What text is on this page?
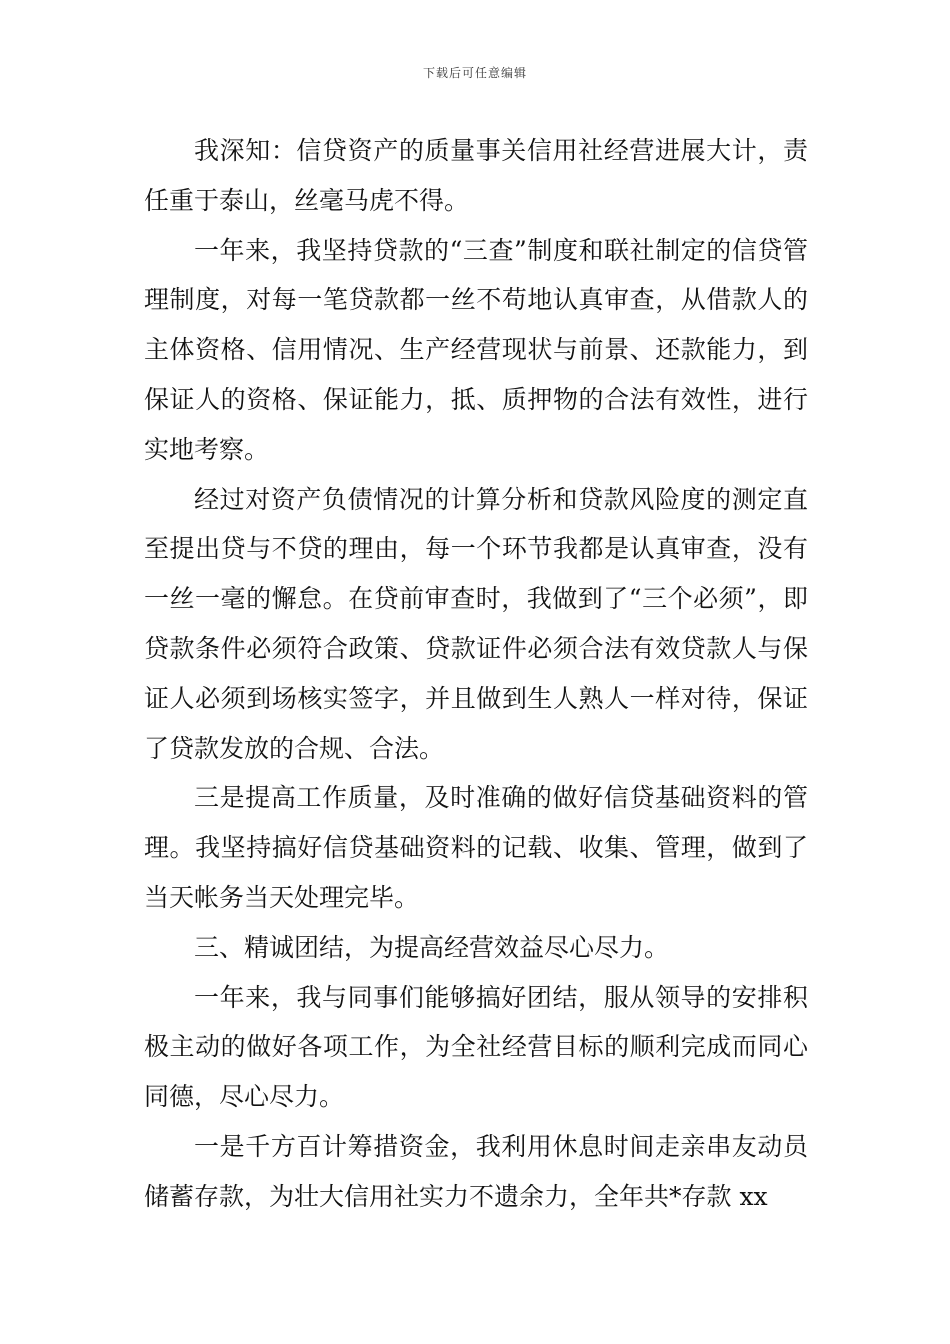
下载后可任意编辑

我深知：信贷资产的质量事关信用社经营进展大计，责任重于泰山，丝毫马虎不得。

一年来，我坚持贷款的“三查”制度和联社制定的信贷管理制度，对每一笔贷款都一丝不苟地认真审查，从借款人的主体资格、信用情况、生产经营现状与前景、还款能力，到保证人的资格、保证能力，抵、质押物的合法有效性，进行实地考察。

经过对资产负债情况的计算分析和贷款风险度的测定直至提出贷与不贷的理由，每一个环节我都是认真审查，没有一丝一毫的懈怠。在贷前审查时，我做到了“三个必须”，即贷款条件必须符合政策、贷款证件必须合法有效贷款人与保证人必须到场核实签字，并且做到生人熟人一样对待，保证了贷款发放的合规、合法。

三是提高工作质量，及时准确的做好信贷基础资料的管理。我坚持搞好信贷基础资料的记载、收集、管理，做到了当天帐务当天处理完毕。

三、精诚团结，为提高经营效益尽心尽力。

一年来，我与同事们能够搞好团结，服从领导的安排积极主动的做好各项工作，为全社经营目标的顺利完成而同心同德，尽心尽力。

一是千方百计筹措资金，我利用休息时间走亲串友动员储蓄存款，为壮大信用社实力不遗余力，全年共*存款 xx
